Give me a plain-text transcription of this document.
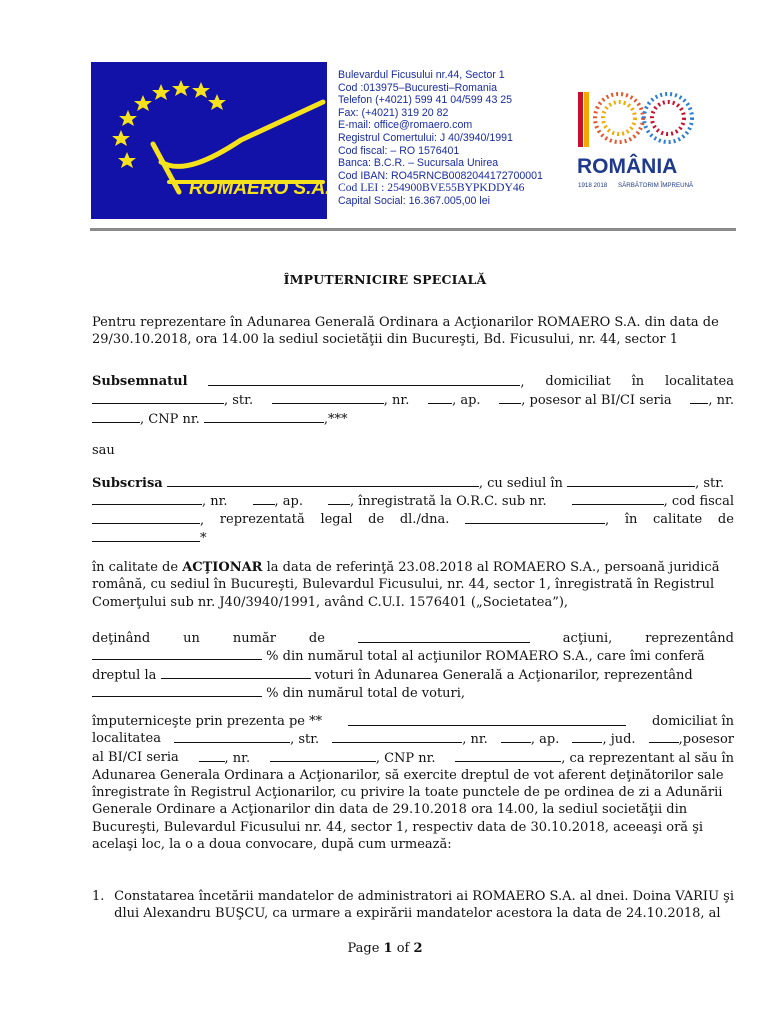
ROMAERO S.A.
Bulevardul Ficusului nr.44, Sector 1
Cod :013975–Bucuresti–Romania
Telefon (+4021) 599 41 04/599 43 25
Fax: (+4021) 319 20 82
E-mail: office@romaero.com
Registrul Comertului: J 40/3940/1991
Cod fiscal: – RO 1576401
Banca: B.C.R. – Sucursala Unirea
Cod IBAN: RO45RNCB0082044172700001
Cod LEI : 254900BVE55BYPKDDY46
Capital Social: 16.367.005,00 lei
ROMÂNIA
1918 2018 SĂRBĂTORIM ÎMPREUNĂ
ÎMPUTERNICIRE SPECIALĂ
Pentru reprezentare în Adunarea Generală Ordinara a Acţionarilor ROMAERO S.A. din data de
29/30.10.2018, ora 14.00 la sediul societăţii din Bucureşti, Bd. Ficusului, nr. 44, sector 1
Subsemnatul	, domiciliat în localitatea
, str.	, nr.	, ap.	, posesor al BI/CI seria	, nr.
, CNP nr.	,***
sau
Subscrisa	, cu sediul în	, str.
, nr.	, ap.	, înregistrată la O.R.C. sub nr.	, cod fiscal
, reprezentată legal de dl./dna.	, în calitate de
*
în calitate de ACŢIONAR la data de referinţă 23.08.2018 al ROMAERO S.A., persoană juridică
română, cu sediul în Bucureşti, Bulevardul Ficusului, nr. 44, sector 1, înregistrată în Registrul
Comerţului sub nr. J40/3940/1991, având C.U.I. 1576401 („Societatea”),
deţinând	un	număr	de	acţiuni,	reprezentând
% din numărul total al acţiunilor ROMAERO S.A., care îmi conferă
dreptul la	voturi în Adunarea Generală a Acţionarilor, reprezentând
% din numărul total de voturi,
împuterniceşte prin prezenta pe **	domiciliat în
localitatea	, str.	, nr.	, ap.	, jud.	,posesor
al BI/CI seria	, nr.	, CNP nr.	, ca reprezentant al său în
Adunarea Generala Ordinara a Acţionarilor, să exercite dreptul de vot aferent deţinătorilor sale
înregistrate în Registrul Acţionarilor, cu privire la toate punctele de pe ordinea de zi a Adunării
Generale Ordinare a Acţionarilor din data de 29.10.2018 ora 14.00, la sediul societăţii din
Bucureşti, Bulevardul Ficusului nr. 44, sector 1, respectiv data de 30.10.2018, aceeaşi oră şi
acelaşi loc, la o a doua convocare, după cum urmează:
1. Constatarea încetării mandatelor de administratori ai ROMAERO S.A. al dnei. Doina VARIU şi
dlui Alexandru BUŞCU, ca urmare a expirării mandatelor acestora la data de 24.10.2018, al
Page 1 of 2
